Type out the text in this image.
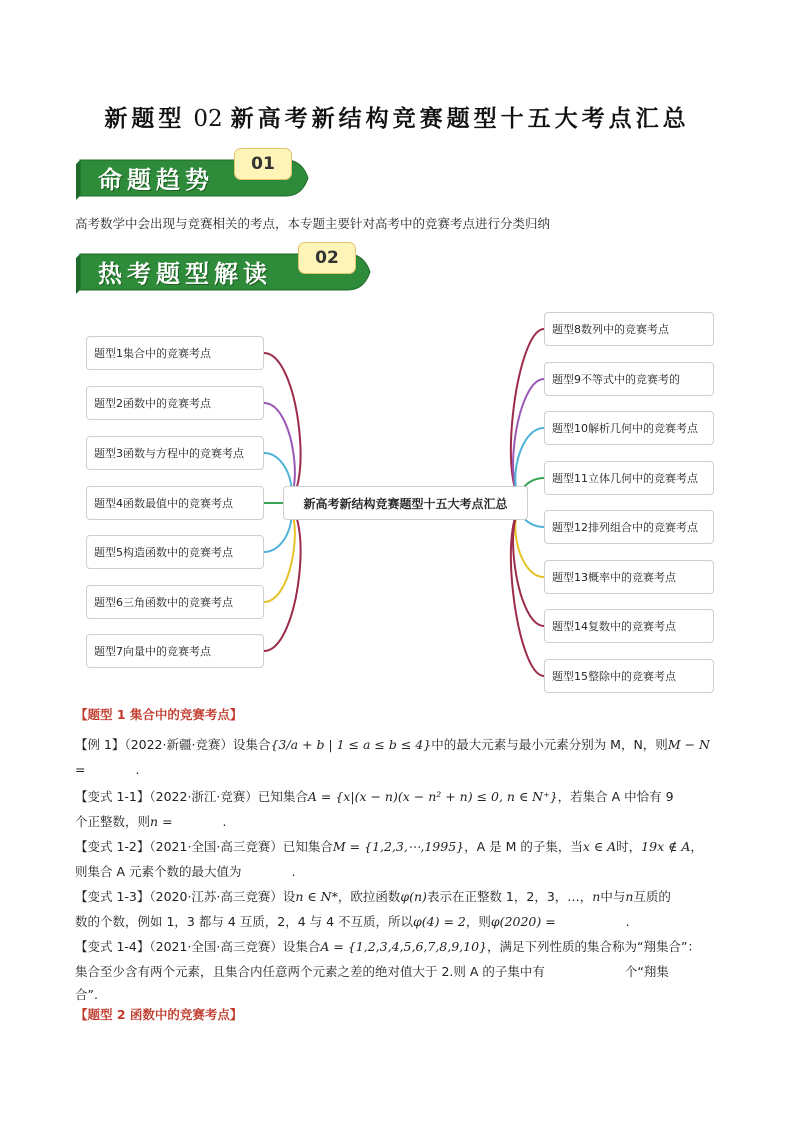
新题型 02 新高考新结构竞赛题型十五大考点汇总
命题趋势
01
高考数学中会出现与竞赛相关的考点，本专题主要针对高考中的竞赛考点进行分类归纳
热考题型解读
02
新高考新结构竞赛题型十五大考点汇总
题型1集合中的竞赛考点
题型2函数中的竞赛考点
题型3函数与方程中的竞赛考点
题型4函数最值中的竞赛考点
题型5构造函数中的竞赛考点
题型6三角函数中的竞赛考点
题型7向量中的竞赛考点
题型8数列中的竞赛考点
题型9不等式中的竞赛考的
题型10解析几何中的竞赛考点
题型11立体几何中的竞赛考点
题型12排列组合中的竞赛考点
题型13概率中的竞赛考点
题型14复数中的竞赛考点
题型15整除中的竞赛考点
【题型 1 集合中的竞赛考点】
【例 1】（2022·新疆·竞赛）设集合{3/a + b | 1 ≤ a ≤ b ≤ 4}中的最大元素与最小元素分别为 M，N，则M − N
=	.
【变式 1-1】（2022·浙江·竞赛）已知集合A = {x|(x − n)(x − n² + n) ≤ 0, n ∈ N⁺}，若集合 A 中恰有 9
个正整数，则n =	.
【变式 1-2】（2021·全国·高三竞赛）已知集合M = {1,2,3,⋯,1995}，A 是 M 的子集，当x ∈ A时，19x ∉ A，
则集合 A 元素个数的最大值为	.
【变式 1-3】（2020·江苏·高三竞赛）设n ∈ N*，欧拉函数φ(n)表示在正整数 1，2，3，…，n中与n互质的
数的个数，例如 1，3 都与 4 互质，2，4 与 4 不互质，所以φ(4) = 2，则φ(2020) =	.
【变式 1-4】（2021·全国·高三竞赛）设集合A = {1,2,3,4,5,6,7,8,9,10}，满足下列性质的集合称为“翔集合”：
集合至少含有两个元素，且集合内任意两个元素之差的绝对值大于 2.则 A 的子集中有	个“翔集
合”.
【题型 2 函数中的竞赛考点】
